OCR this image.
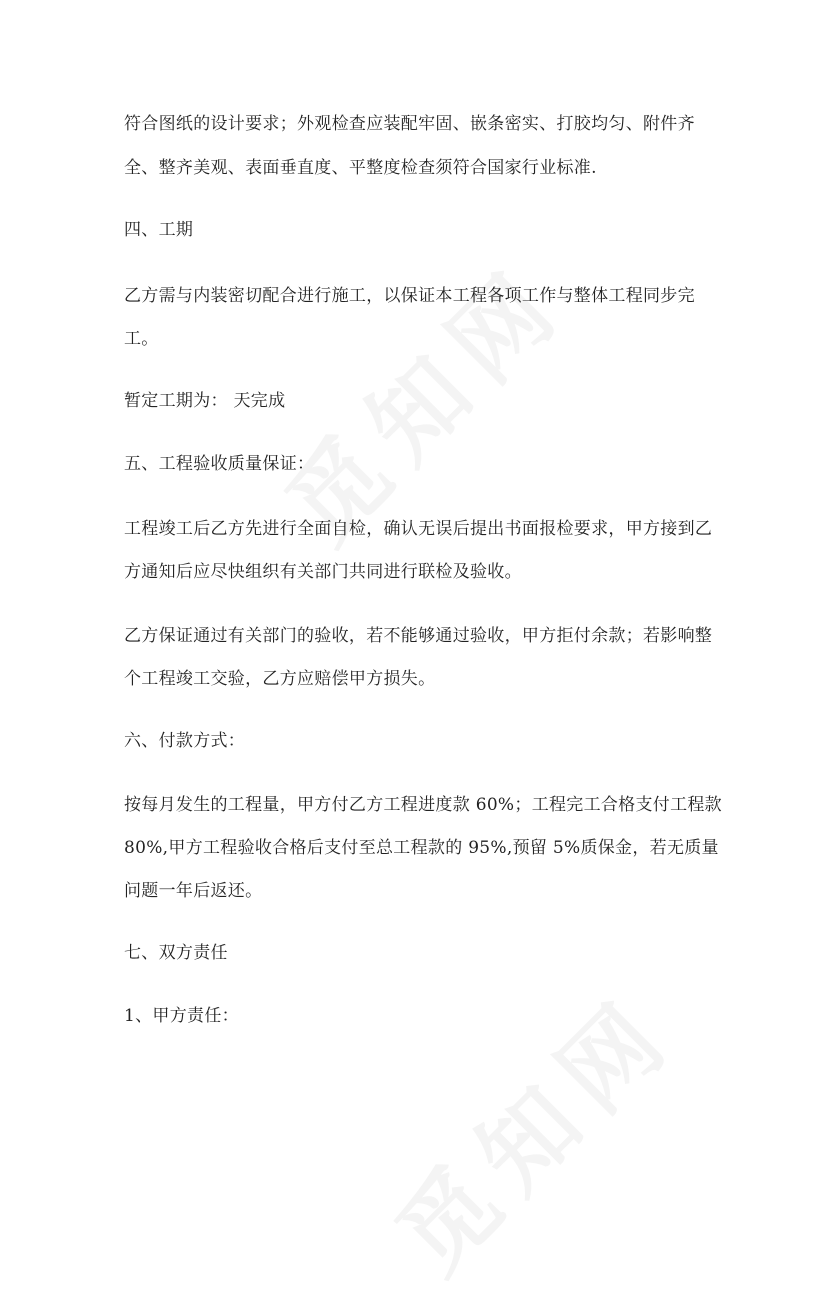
符合图纸的设计要求；外观检查应装配牢固、嵌条密实、打胶均匀、附件齐
全、整齐美观、表面垂直度、平整度检查须符合国家行业标准.
四、工期
乙方需与内装密切配合进行施工，以保证本工程各项工作与整体工程同步完
工。
暂定工期为： 天完成
五、工程验收质量保证：
工程竣工后乙方先进行全面自检，确认无误后提出书面报检要求，甲方接到乙
方通知后应尽快组织有关部门共同进行联检及验收。
乙方保证通过有关部门的验收，若不能够通过验收，甲方拒付余款；若影响整
个工程竣工交验，乙方应赔偿甲方损失。
六、付款方式：
按每月发生的工程量，甲方付乙方工程进度款 60%；工程完工合格支付工程款
80%,甲方工程验收合格后支付至总工程款的 95%,预留 5%质保金，若无质量
问题一年后返还。
七、双方责任
1、甲方责任：
